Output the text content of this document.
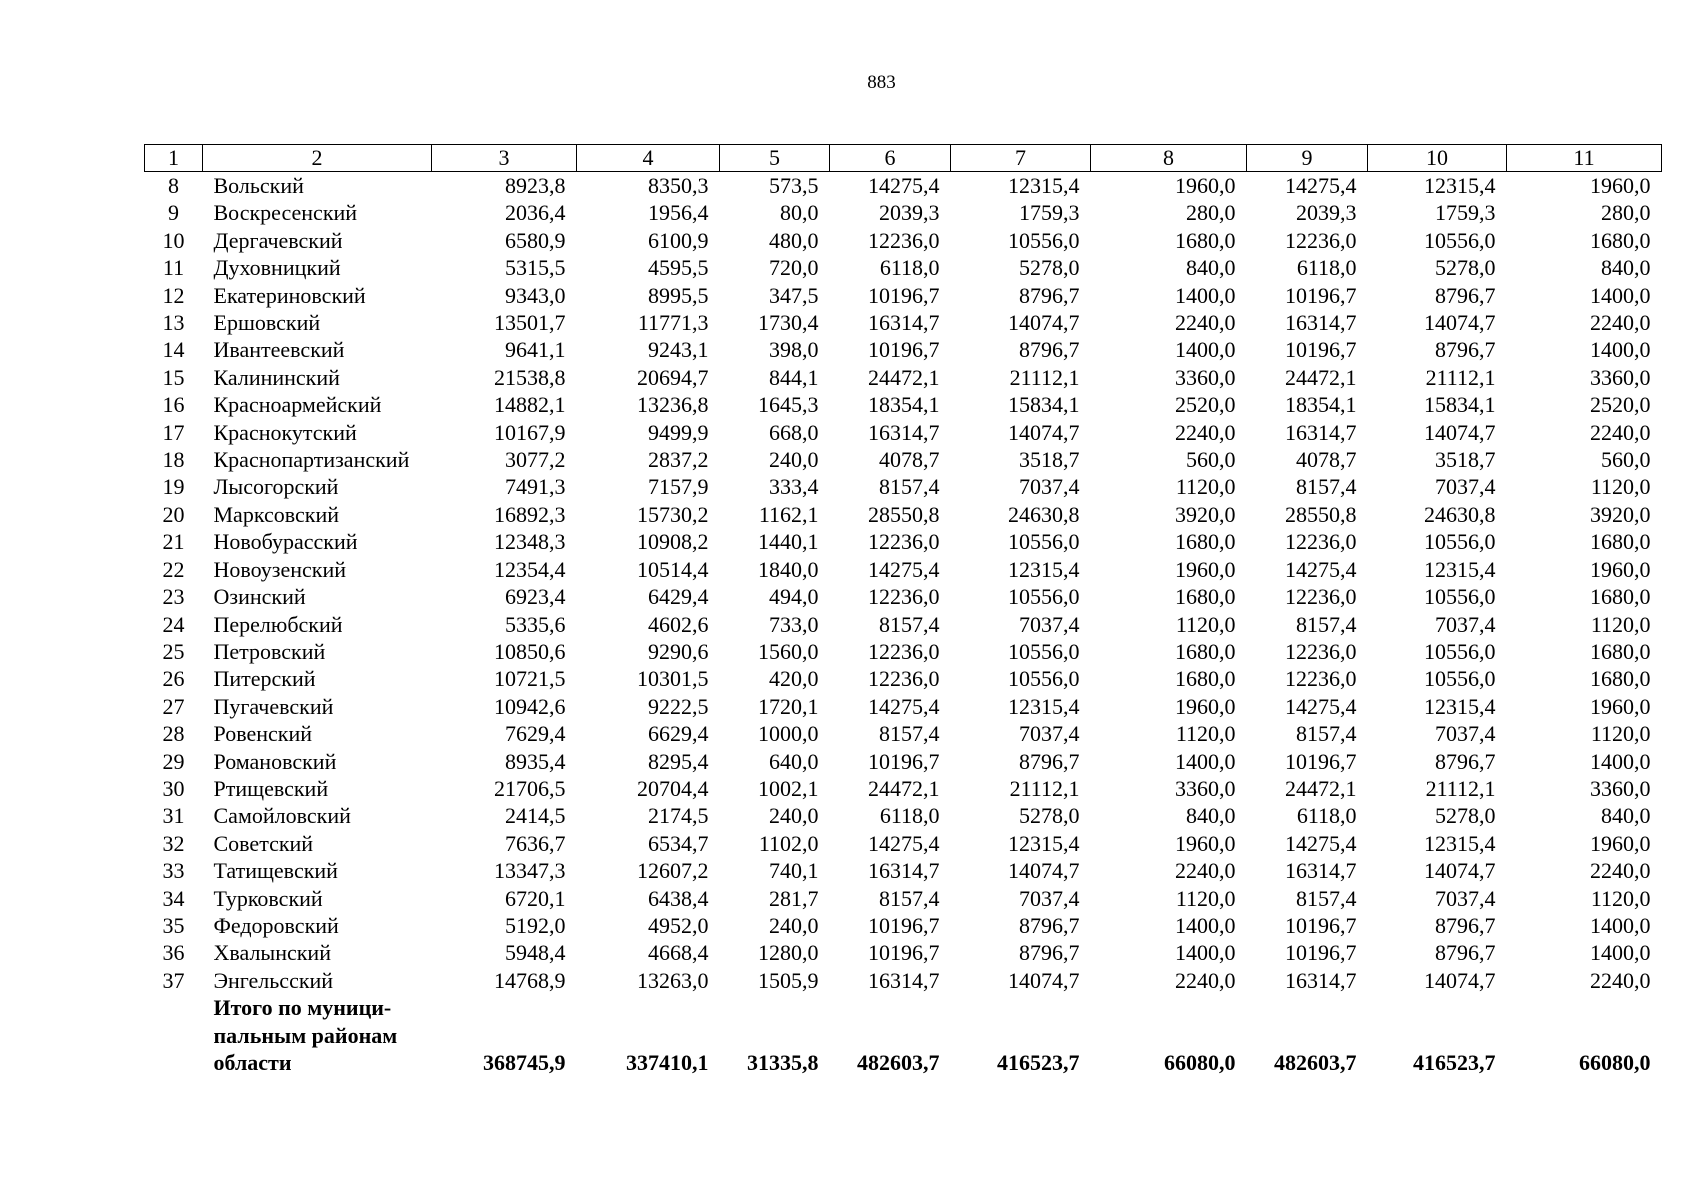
883
1	2	3	4	5	6	7	8	9	10	11
8	Вольский	8923,8	8350,3	573,5	14275,4	12315,4	1960,0	14275,4	12315,4	1960,0
9	Воскресенский	2036,4	1956,4	80,0	2039,3	1759,3	280,0	2039,3	1759,3	280,0
10	Дергачевский	6580,9	6100,9	480,0	12236,0	10556,0	1680,0	12236,0	10556,0	1680,0
11	Духовницкий	5315,5	4595,5	720,0	6118,0	5278,0	840,0	6118,0	5278,0	840,0
12	Екатериновский	9343,0	8995,5	347,5	10196,7	8796,7	1400,0	10196,7	8796,7	1400,0
13	Ершовский	13501,7	11771,3	1730,4	16314,7	14074,7	2240,0	16314,7	14074,7	2240,0
14	Ивантеевский	9641,1	9243,1	398,0	10196,7	8796,7	1400,0	10196,7	8796,7	1400,0
15	Калининский	21538,8	20694,7	844,1	24472,1	21112,1	3360,0	24472,1	21112,1	3360,0
16	Красноармейский	14882,1	13236,8	1645,3	18354,1	15834,1	2520,0	18354,1	15834,1	2520,0
17	Краснокутский	10167,9	9499,9	668,0	16314,7	14074,7	2240,0	16314,7	14074,7	2240,0
18	Краснопартизанский	3077,2	2837,2	240,0	4078,7	3518,7	560,0	4078,7	3518,7	560,0
19	Лысогорский	7491,3	7157,9	333,4	8157,4	7037,4	1120,0	8157,4	7037,4	1120,0
20	Марксовский	16892,3	15730,2	1162,1	28550,8	24630,8	3920,0	28550,8	24630,8	3920,0
21	Новобурасский	12348,3	10908,2	1440,1	12236,0	10556,0	1680,0	12236,0	10556,0	1680,0
22	Новоузенский	12354,4	10514,4	1840,0	14275,4	12315,4	1960,0	14275,4	12315,4	1960,0
23	Озинский	6923,4	6429,4	494,0	12236,0	10556,0	1680,0	12236,0	10556,0	1680,0
24	Перелюбский	5335,6	4602,6	733,0	8157,4	7037,4	1120,0	8157,4	7037,4	1120,0
25	Петровский	10850,6	9290,6	1560,0	12236,0	10556,0	1680,0	12236,0	10556,0	1680,0
26	Питерский	10721,5	10301,5	420,0	12236,0	10556,0	1680,0	12236,0	10556,0	1680,0
27	Пугачевский	10942,6	9222,5	1720,1	14275,4	12315,4	1960,0	14275,4	12315,4	1960,0
28	Ровенский	7629,4	6629,4	1000,0	8157,4	7037,4	1120,0	8157,4	7037,4	1120,0
29	Романовский	8935,4	8295,4	640,0	10196,7	8796,7	1400,0	10196,7	8796,7	1400,0
30	Ртищевский	21706,5	20704,4	1002,1	24472,1	21112,1	3360,0	24472,1	21112,1	3360,0
31	Самойловский	2414,5	2174,5	240,0	6118,0	5278,0	840,0	6118,0	5278,0	840,0
32	Советский	7636,7	6534,7	1102,0	14275,4	12315,4	1960,0	14275,4	12315,4	1960,0
33	Татищевский	13347,3	12607,2	740,1	16314,7	14074,7	2240,0	16314,7	14074,7	2240,0
34	Турковский	6720,1	6438,4	281,7	8157,4	7037,4	1120,0	8157,4	7037,4	1120,0
35	Федоровский	5192,0	4952,0	240,0	10196,7	8796,7	1400,0	10196,7	8796,7	1400,0
36	Хвалынский	5948,4	4668,4	1280,0	10196,7	8796,7	1400,0	10196,7	8796,7	1400,0
37	Энгельсский	14768,9	13263,0	1505,9	16314,7	14074,7	2240,0	16314,7	14074,7	2240,0
	Итого по муници-пальным районам области	368745,9	337410,1	31335,8	482603,7	416523,7	66080,0	482603,7	416523,7	66080,0
